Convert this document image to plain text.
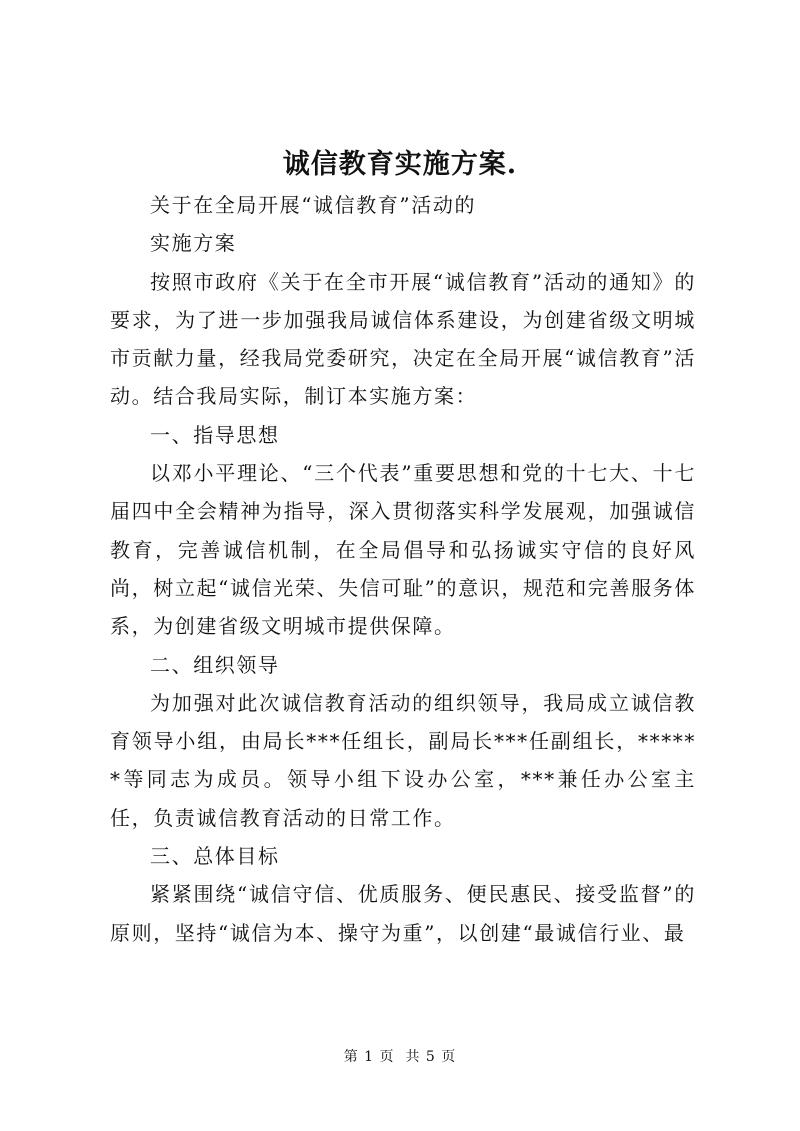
诚信教育实施方案.

关于在全局开展“诚信教育”活动的

实施方案

按照市政府《关于在全市开展“诚信教育”活动的通知》的要求，为了进一步加强我局诚信体系建设，为创建省级文明城市贡献力量，经我局党委研究，决定在全局开展“诚信教育”活动。结合我局实际，制订本实施方案：

一、指导思想

以邓小平理论、“三个代表”重要思想和党的十七大、十七届四中全会精神为指导，深入贯彻落实科学发展观，加强诚信教育，完善诚信机制，在全局倡导和弘扬诚实守信的良好风尚，树立起“诚信光荣、失信可耻”的意识，规范和完善服务体系，为创建省级文明城市提供保障。

二、组织领导

为加强对此次诚信教育活动的组织领导，我局成立诚信教育领导小组，由局长***任组长，副局长***任副组长，******等同志为成员。领导小组下设办公室，***兼任办公室主任，负责诚信教育活动的日常工作。

三、总体目标

紧紧围绕“诚信守信、优质服务、便民惠民、接受监督”的原则，坚持“诚信为本、操守为重”，以创建“最诚信行业、最

第 1 页  共 5 页
